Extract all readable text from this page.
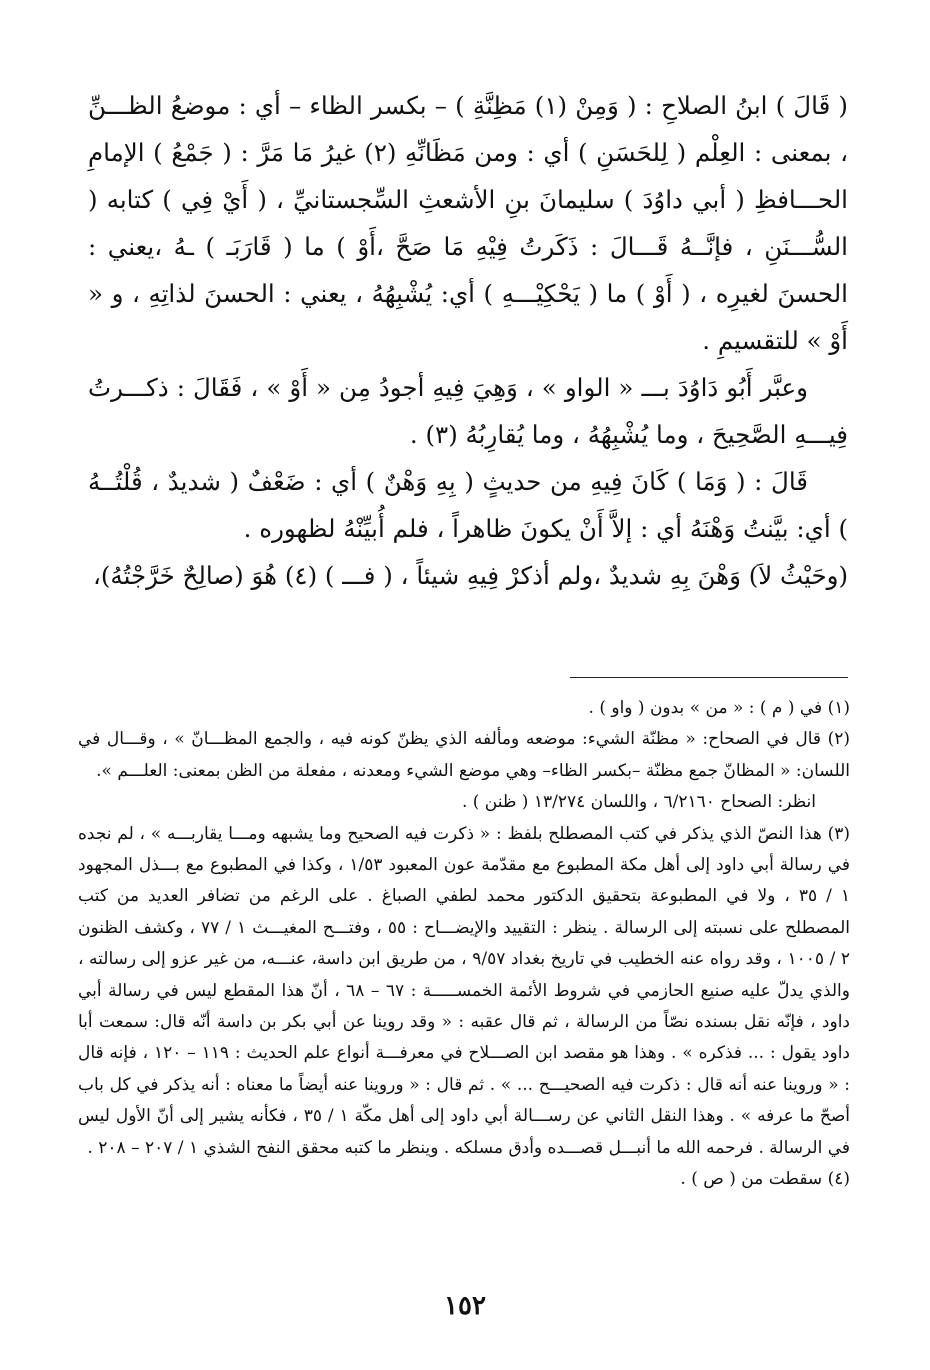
( قَالَ ) ابنُ الصلاحِ : ( وَمِنْ (١) مَظِنَّةِ ) – بكسر الظاء – أي : موضعُ الظـــنِّ ، بمعنى : العِلْم ( لِلحَسَنِ ) أي : ومن مَظَانِّهِ (٢) غيرُ مَا مَرَّ : ( جَمْعُ ) الإمامِ الحـــافظِ ( أبي داوُدَ ) سليمانَ بنِ الأشعثِ السِّجستانيِّ ، ( أَيْ فِي ) كتابه ( السُّـــنَنِ ، فإنَّــهُ قَـــالَ : ذَكَرتُ فِيْهِ مَا صَحَّ ،أَوْ ) ما ( قَارَبَـ ) ـهُ ،يعني : الحسنَ لغيرِه ، ( أَوْ ) ما ( يَحْكِيْـــهِ ) أي: يُشْبِهُهُ ، يعني : الحسنَ لذاتِهِ ، و « أَوْ » للتقسيمِ .

وعبَّر أَبُو دَاوُدَ بـــ « الواو » ، وَهِيَ فِيهِ أجودُ مِن « أَوْ » ، فَقَالَ : ذكـــرتُ فِيـــهِ الصَّحِيحَ ، وما يُشْبِهُهُ ، وما يُقارِبُهُ (٣) .

قَالَ : ( وَمَا ) كَانَ فِيهِ من حديثٍ ( بِهِ وَهْنٌ ) أي : ضَعْفٌ ( شديدٌ ، قُلْتُــهُ ) أي: بيَّنتُ وَهْنَهُ أي : إلاَّ أَنْ يكونَ ظاهراً ، فلم أُبيِّنْهُ لظهوره .

(وحَيْثُ لاَ) وَهْنَ بِهِ شديدٌ ،ولم أذكرْ فِيهِ شيئاً ، ( فـــ ) (٤) هُوَ (صالِحٌ خَرَّجْتُهُ)،

(١) في ( م ) : « من » بدون ( واو ) .

(٢) قال في الصحاح: « مظنّة الشيء: موضعه ومألفه الذي يظنّ كونه فيه ، والجمع المظـــانّ » ، وقـــال في اللسان: « المظانّ جمع مظنّة –بكسر الظاء– وهي موضع الشيء ومعدنه ، مفعلة من الظن بمعنى: العلـــم ».

انظر: الصحاح ٦/٢١٦٠ ، واللسان ١٣/٢٧٤ ( ظنن ) .

(٣) هذا النصّ الذي يذكر في كتب المصطلح بلفظ : « ذكرت فيه الصحيح وما يشبهه ومـــا يقاربـــه » ، لم نجده في رسالة أبي داود إلى أهل مكة المطبوع مع مقدّمة عون المعبود ١/٥٣ ، وكذا في المطبوع مع بـــذل المجهود ١ / ٣٥ ، ولا في المطبوعة بتحقيق الدكتور محمد لطفي الصباغ . على الرغم من تضافر العديد من كتب المصطلح على نسبته إلى الرسالة . ينظر : التقييد والإيضـــاح : ٥٥ ، وفتـــح المغيـــث ١ / ٧٧ ، وكشف الظنون ٢ / ١٠٠٥ ، وقد رواه عنه الخطيب في تاريخ بغداد ٩/٥٧ ، من طريق ابن داسة، عنـــه، من غير عزو إلى رسالته ، والذي يدلّ عليه صنيع الحازمي في شروط الأئمة الخمســـــة : ٦٧ – ٦٨ ، أنّ هذا المقطع ليس في رسالة أبي داود ، فإنّه نقل بسنده نصّاً من الرسالة ، ثم قال عقبه : « وقد روينا عن أبي بكر بن داسة أنّه قال: سمعت أبا داود يقول : ... فذكره » . وهذا هو مقصد ابن الصـــلاح في معرفـــة أنواع علم الحديث : ١١٩ – ١٢٠ ، فإنه قال : « وروينا عنه أنه قال : ذكرت فيه الصحيـــح ... » . ثم قال : « وروينا عنه أيضاً ما معناه : أنه يذكر في كل باب أصحّ ما عرفه » . وهذا النقل الثاني عن رســـالة أبي داود إلى أهل مكّة ١ / ٣٥ ، فكأنه يشير إلى أنّ الأول ليس في الرسالة . فرحمه الله ما أنبـــل قصـــده وأدق مسلكه . وينظر ما كتبه محقق النفح الشذي ١ / ٢٠٧ – ٢٠٨ .

(٤) سقطت من ( ص ) .

١٥٢
